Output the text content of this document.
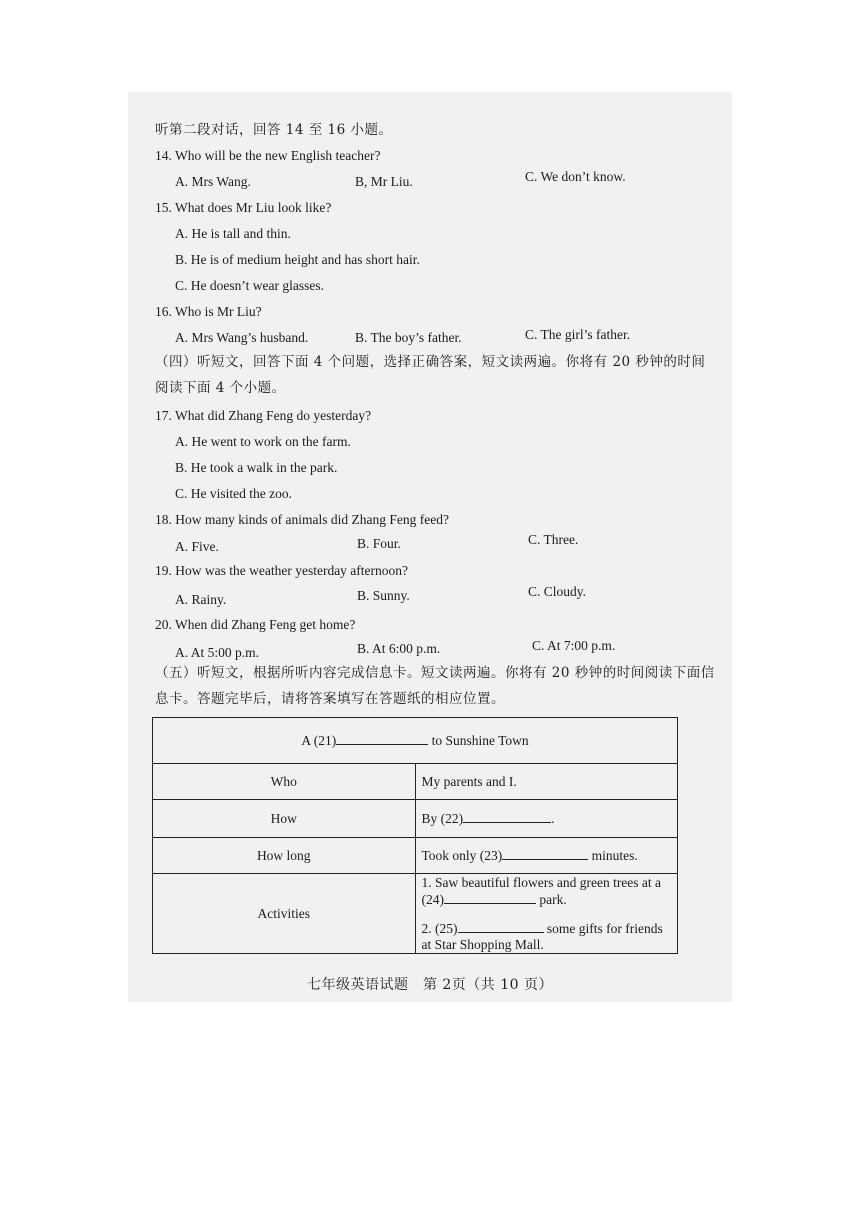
听第二段对话，回答 14 至 16 小题。
14. Who will be the new English teacher?
A. Mrs Wang.	B, Mr Liu.	C. We don’t know.
15. What does Mr Liu look like?
A. He is tall and thin.
B. He is of medium height and has short hair.
C. He doesn’t wear glasses.
16. Who is Mr Liu?
A. Mrs Wang’s husband.	B. The boy’s father.	C. The girl’s father.
（四）听短文，回答下面 4 个问题，选择正确答案，短文读两遍。你将有 20 秒钟的时间
阅读下面 4 个小题。
17. What did Zhang Feng do yesterday?
A. He went to work on the farm.
B. He took a walk in the park.
C. He visited the zoo.
18. How many kinds of animals did Zhang Feng feed?
A. Five.	B. Four.	C. Three.
19. How was the weather yesterday afternoon?
A. Rainy.	B. Sunny.	C. Cloudy.
20. When did Zhang Feng get home?
A. At 5:00 p.m.	B. At 6:00 p.m.	C. At 7:00 p.m.
（五）听短文，根据所听内容完成信息卡。短文读两遍。你将有 20 秒钟的时间阅读下面信
息卡。答题完毕后，请将答案填写在答题纸的相应位置。
A (21) to Sunshine Town	
Who	My parents and I.
How	By (22) .
How long	Took only (23) minutes.
Activities	1. Saw beautiful flowers and green trees at a (24) park.
2. (25) some gifts for friends at Star Shopping Mall.
七年级英语试题　第 2页（共 10 页）
